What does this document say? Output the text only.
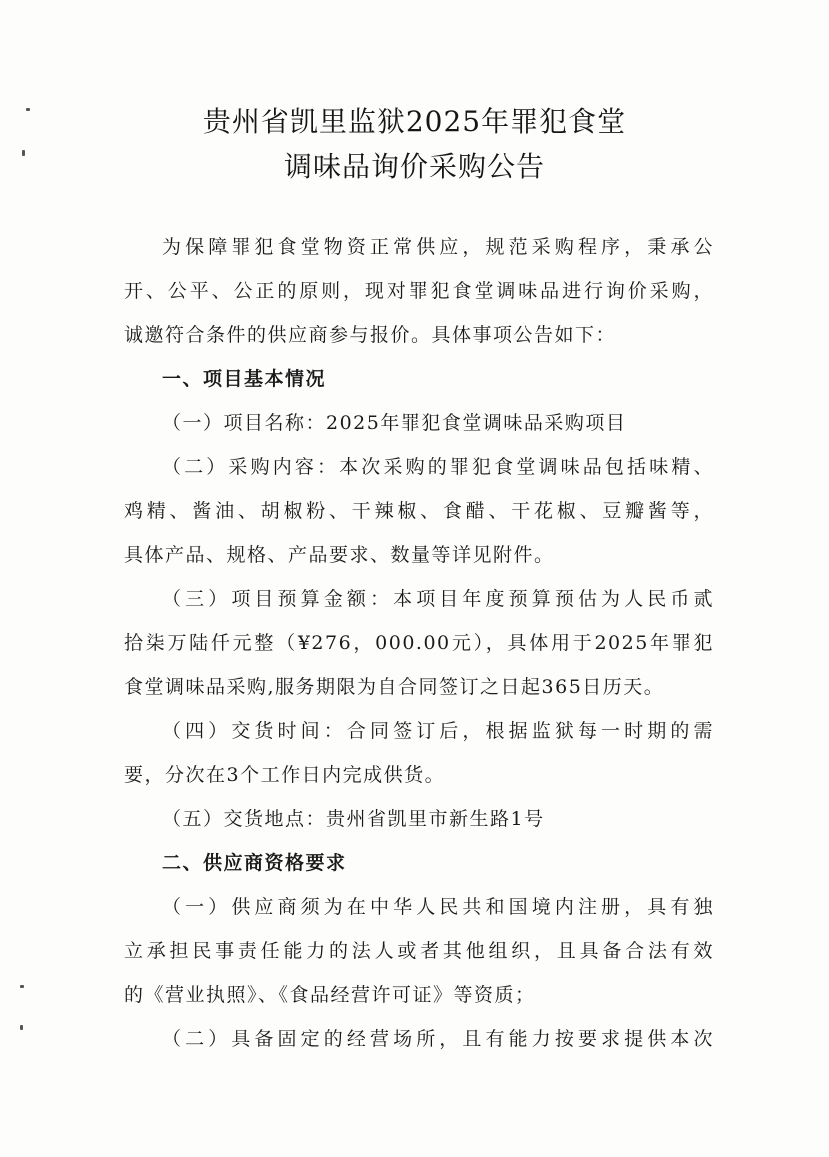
贵州省凯里监狱2025年罪犯食堂
调味品询价采购公告
为保障罪犯食堂物资正常供应，规范采购程序，秉承公
开、公平、公正的原则，现对罪犯食堂调味品进行询价采购，
诚邀符合条件的供应商参与报价。具体事项公告如下：
一、项目基本情况
（一）项目名称：2025年罪犯食堂调味品采购项目
（二）采购内容：本次采购的罪犯食堂调味品包括味精、
鸡精、酱油、胡椒粉、干辣椒、食醋、干花椒、豆瓣酱等，
具体产品、规格、产品要求、数量等详见附件。
（三）项目预算金额：本项目年度预算预估为人民币贰
拾柒万陆仟元整（¥276，000.00元），具体用于2025年罪犯
食堂调味品采购,服务期限为自合同签订之日起365日历天。
（四）交货时间：合同签订后，根据监狱每一时期的需
要，分次在3个工作日内完成供货。
（五）交货地点：贵州省凯里市新生路1号
二、供应商资格要求
（一）供应商须为在中华人民共和国境内注册，具有独
立承担民事责任能力的法人或者其他组织，且具备合法有效
的《营业执照》、《食品经营许可证》等资质；
（二）具备固定的经营场所，且有能力按要求提供本次
